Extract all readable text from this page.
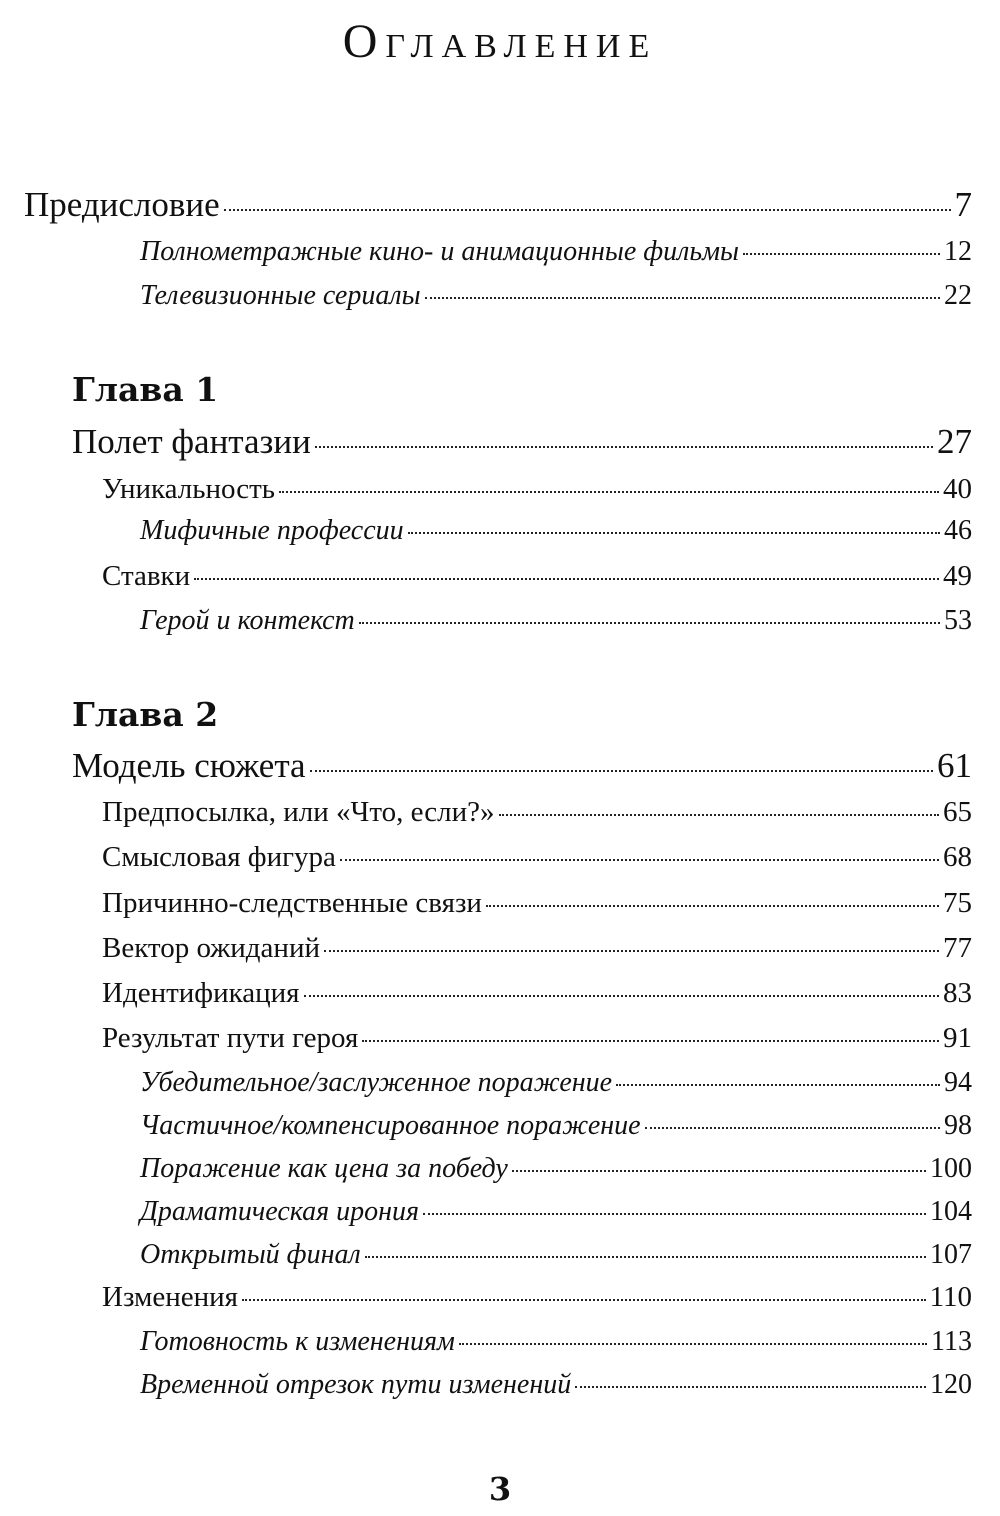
Оглавление
Предисловие	7
Полнометражные кино- и анимационные фильмы	12
Телевизионные сериалы	22
Глава 1
Полет фантазии	27
Уникальность	40
Мифичные профессии	46
Ставки	49
Герой и контекст	53
Глава 2
Модель сюжета	61
Предпосылка, или «Что, если?»	65
Смысловая фигура	68
Причинно-следственные связи	75
Вектор ожиданий	77
Идентификация	83
Результат пути героя	91
Убедительное/заслуженное поражение	94
Частичное/компенсированное поражение	98
Поражение как цена за победу	100
Драматическая ирония	104
Открытый финал	107
Изменения	110
Готовность к изменениям	113
Временной отрезок пути изменений	120
3
